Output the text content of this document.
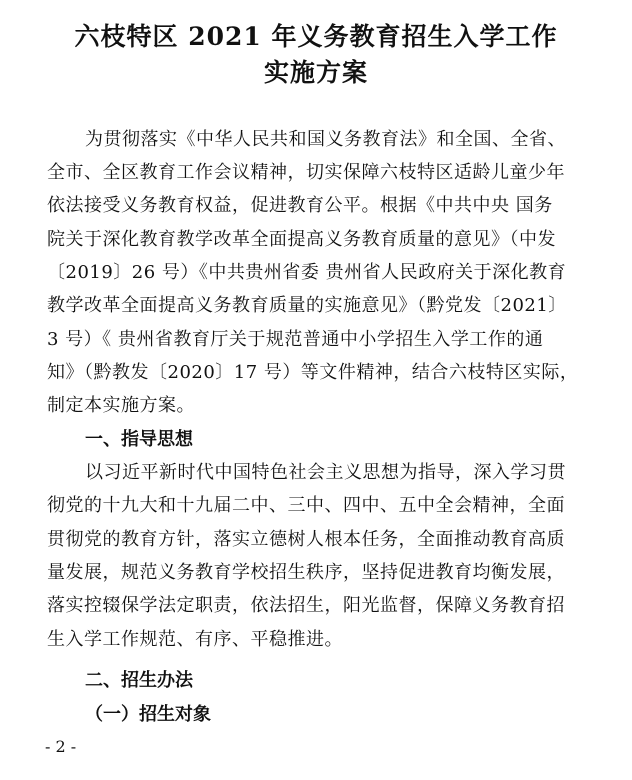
六枝特区 2021 年义务教育招生入学工作
实施方案
为贯彻落实《中华人民共和国义务教育法》和全国、全省、
全市、全区教育工作会议精神，切实保障六枝特区适龄儿童少年
依法接受义务教育权益，促进教育公平。根据《中共中央 国务
院关于深化教育教学改革全面提高义务教育质量的意见》（中发
〔2019〕26 号）《中共贵州省委 贵州省人民政府关于深化教育
教学改革全面提高义务教育质量的实施意见》（黔党发〔2021〕
3 号）《 贵州省教育厅关于规范普通中小学招生入学工作的通
知》（黔教发〔2020〕17 号）等文件精神，结合六枝特区实际，
制定本实施方案。
一、指导思想
以习近平新时代中国特色社会主义思想为指导，深入学习贯
彻党的十九大和十九届二中、三中、四中、五中全会精神，全面
贯彻党的教育方针，落实立德树人根本任务，全面推动教育高质
量发展，规范义务教育学校招生秩序，坚持促进教育均衡发展，
落实控辍保学法定职责，依法招生，阳光监督，保障义务教育招
生入学工作规范、有序、平稳推进。
二、招生办法
（一）招生对象
- 2 -
